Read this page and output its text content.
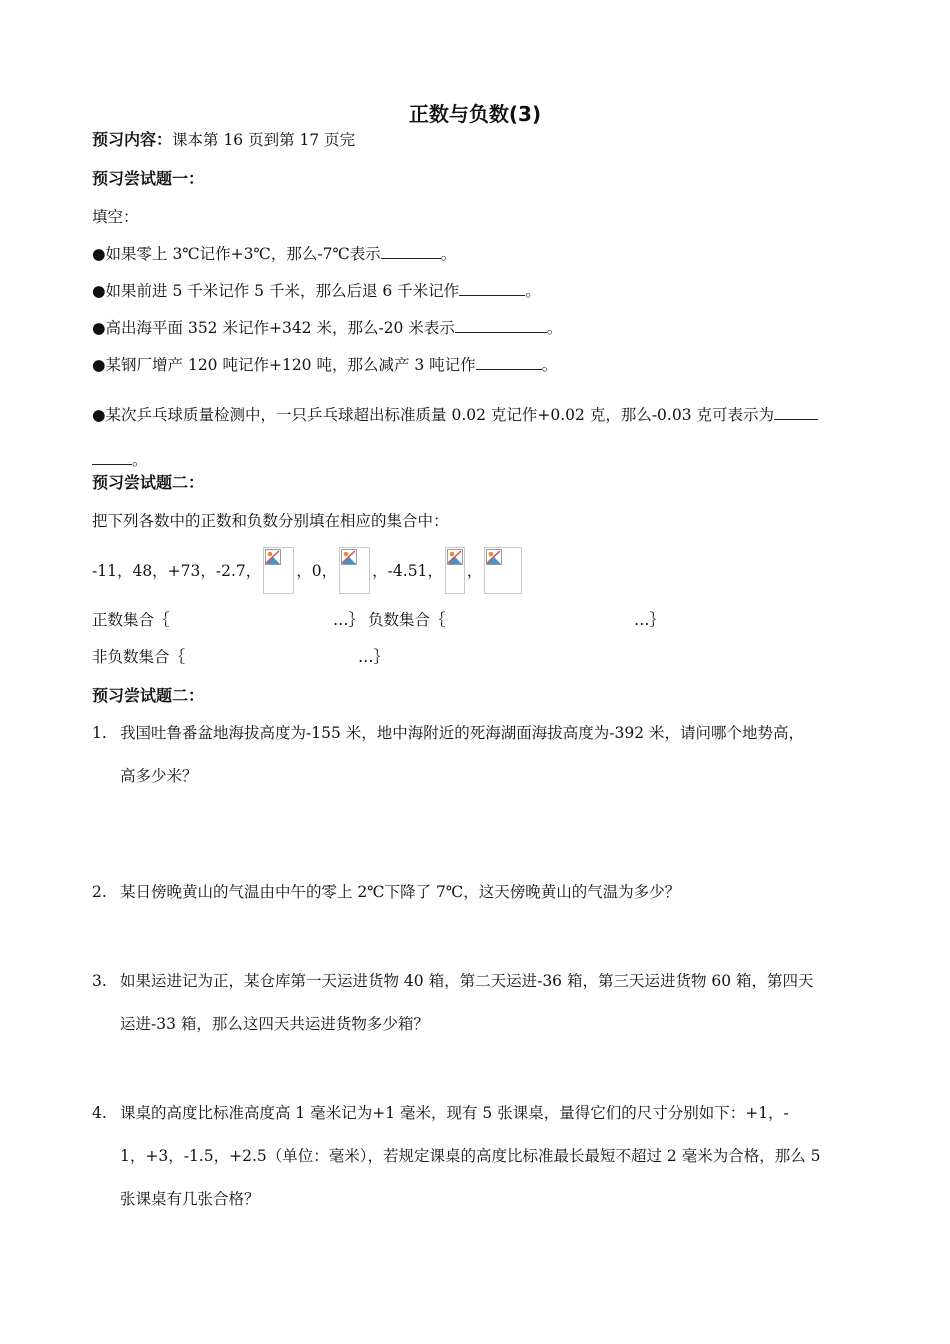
正数与负数(3)
预习内容：课本第 16 页到第 17 页完
预习尝试题一：
填空：
●如果零上 3℃记作+3℃，那么-7℃表示	。
●如果前进 5 千米记作 5 千米，那么后退 6 千米记作	。
●高出海平面 352 米记作+342 米，那么-20 米表示	。
●某钢厂增产 120 吨记作+120 吨，那么减产 3 吨记作	。
●某次乒乓球质量检测中，一只乒乓球超出标准质量 0.02 克记作+0.02 克，那么-0.03 克可表示为 。
预习尝试题二：
把下列各数中的正数和负数分别填在相应的集合中：
-11，48，+73，-2.7， ，0， ，-4.51， ，
正数集合｛	…｝ 负数集合｛	…｝
非负数集合｛	…｝
预习尝试题二：
1. 我国吐鲁番盆地海拔高度为-155 米，地中海附近的死海湖面海拔高度为-392 米，请问哪个地势高，
高多少米？
2. 某日傍晚黄山的气温由中午的零上 2℃下降了 7℃，这天傍晚黄山的气温为多少？
3. 如果运进记为正，某仓库第一天运进货物 40 箱，第二天运进-36 箱，第三天运进货物 60 箱，第四天
运进-33 箱，那么这四天共运进货物多少箱？
4. 课桌的高度比标准高度高 1 毫米记为+1 毫米，现有 5 张课桌，量得它们的尺寸分别如下：+1，-
1，+3，-1.5，+2.5（单位：毫米），若规定课桌的高度比标准最长最短不超过 2 毫米为合格，那么 5
张课桌有几张合格？
